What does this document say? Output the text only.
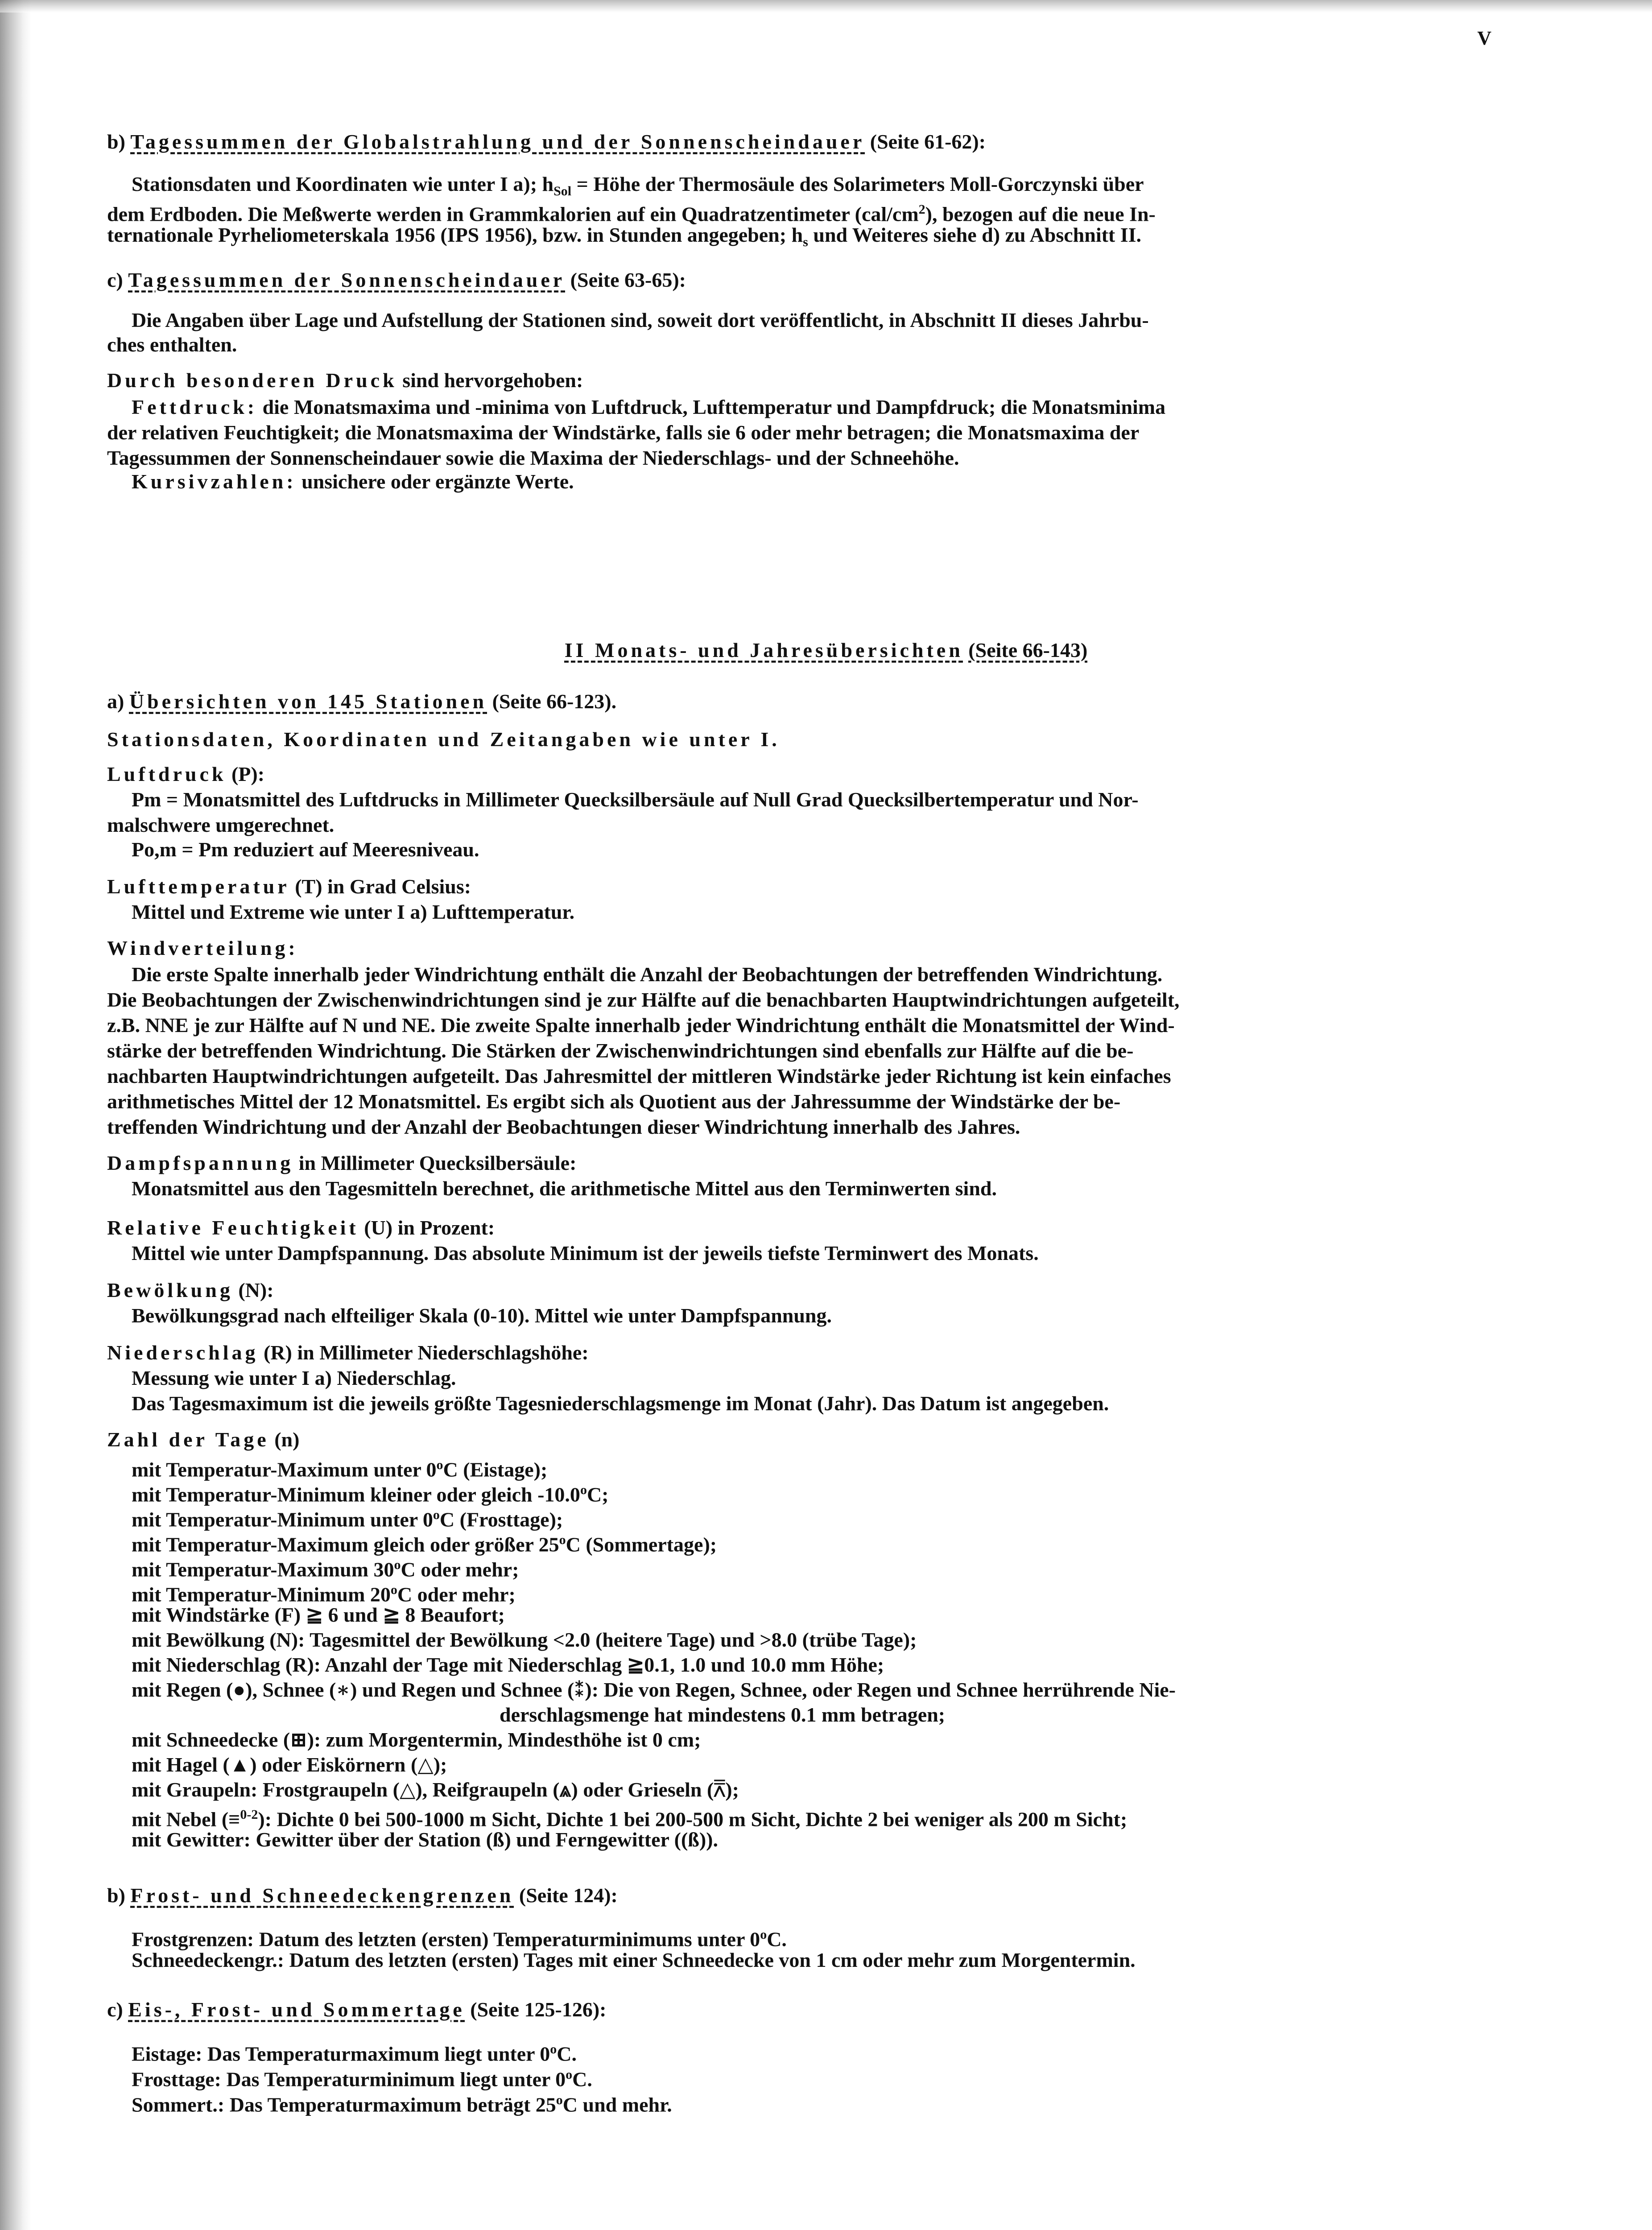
V
b) Tagessummen der Globalstrahlung und der Sonnenscheindauer (Seite 61-62):
Stationsdaten und Koordinaten wie unter I a); $h_{Sol}$ = Höhe der Thermosäule des Solarimeters Moll-Gorczynski über
dem Erdboden. Die Meßwerte werden in Grammkalorien auf ein Quadratzentimeter $(cal/cm^2)$, bezogen auf die neue In-
ternationale Pyrheliometerskala 1956 (IPS 1956), bzw. in Stunden angegeben; $h_s$ und Weiteres siehe d) zu Abschnitt II.
c) Tagessummen der Sonnenscheindauer (Seite 63-65):
Die Angaben über Lage und Aufstellung der Stationen sind, soweit dort veröffentlicht, in Abschnitt II dieses Jahrbu-
ches enthalten.
Durch besonderen Druck sind hervorgehoben:
Fettdruck: die Monatsmaxima und -minima von Luftdruck, Lufttemperatur und Dampfdruck; die Monatsminima
der relativen Feuchtigkeit; die Monatsmaxima der Windstärke, falls sie 6 oder mehr betragen; die Monatsmaxima der
Tagessummen der Sonnenscheindauer sowie die Maxima der Niederschlags- und der Schneehöhe.
Kursivzahlen: unsichere oder ergänzte Werte.
II Monats- und Jahresübersichten (Seite 66-143)
a) Übersichten von 145 Stationen (Seite 66-123).
Stationsdaten, Koordinaten und Zeitangaben wie unter I.
Luftdruck (P):
Pm = Monatsmittel des Luftdrucks in Millimeter Quecksilbersäule auf Null Grad Quecksilbertemperatur und Nor-
malschwere umgerechnet.
Po,m = Pm reduziert auf Meeresniveau.
Lufttemperatur (T) in Grad Celsius:
Mittel und Extreme wie unter I a) Lufttemperatur.
Windverteilung:
Die erste Spalte innerhalb jeder Windrichtung enthält die Anzahl der Beobachtungen der betreffenden Windrichtung.
Die Beobachtungen der Zwischenwindrichtungen sind je zur Hälfte auf die benachbarten Hauptwindrichtungen aufgeteilt,
z.B. NNE je zur Hälfte auf N und NE. Die zweite Spalte innerhalb jeder Windrichtung enthält die Monatsmittel der Wind-
stärke der betreffenden Windrichtung. Die Stärken der Zwischenwindrichtungen sind ebenfalls zur Hälfte auf die be-
nachbarten Hauptwindrichtungen aufgeteilt. Das Jahresmittel der mittleren Windstärke jeder Richtung ist kein einfaches
arithmetisches Mittel der 12 Monatsmittel. Es ergibt sich als Quotient aus der Jahressumme der Windstärke der be-
treffenden Windrichtung und der Anzahl der Beobachtungen dieser Windrichtung innerhalb des Jahres.
Dampfspannung in Millimeter Quecksilbersäule:
Monatsmittel aus den Tagesmitteln berechnet, die arithmetische Mittel aus den Terminwerten sind.
Relative Feuchtigkeit (U) in Prozent:
Mittel wie unter Dampfspannung. Das absolute Minimum ist der jeweils tiefste Terminwert des Monats.
Bewölkung (N):
Bewölkungsgrad nach elfteiliger Skala (0-10). Mittel wie unter Dampfspannung.
Niederschlag (R) in Millimeter Niederschlagshöhe:
Messung wie unter I a) Niederschlag.
Das Tagesmaximum ist die jeweils größte Tagesniederschlagsmenge im Monat (Jahr). Das Datum ist angegeben.
Zahl der Tage (n)
mit Temperatur-Maximum unter 0$^o$C (Eistage);
mit Temperatur-Minimum kleiner oder gleich -10.0$^o$C;
mit Temperatur-Minimum unter 0$^o$C (Frosttage);
mit Temperatur-Maximum gleich oder größer 25$^o$C (Sommertage);
mit Temperatur-Maximum 30$^o$C oder mehr;
mit Temperatur-Minimum 20$^o$C oder mehr;
mit Windstärke (F) ≧ 6 und ≧ 8 Beaufort;
mit Bewölkung (N): Tagesmittel der Bewölkung <2.0 (heitere Tage) und >8.0 (trübe Tage);
mit Niederschlag (R): Anzahl der Tage mit Niederschlag ≧0.1, 1.0 und 10.0 mm Höhe;
mit Regen (●), Schnee (∗) und Regen und Schnee (⁑): Die von Regen, Schnee, oder Regen und Schnee herrührende Nie-
derschlagsmenge hat mindestens 0.1 mm betragen;
mit Schneedecke (⊞): zum Morgentermin, Mindesthöhe ist 0 cm;
mit Hagel (▲) oder Eiskörnern (△);
mit Graupeln: Frostgraupeln (△), Reifgraupeln (⩓) oder Grieseln (⩞);
mit Nebel (≡$^{0-2}$): Dichte 0 bei 500-1000 m Sicht, Dichte 1 bei 200-500 m Sicht, Dichte 2 bei weniger als 200 m Sicht;
mit Gewitter: Gewitter über der Station (ß) und Ferngewitter ((ß)).
b) Frost- und Schneedeckengrenzen (Seite 124):
Frostgrenzen: Datum des letzten (ersten) Temperaturminimums unter 0$^o$C.
Schneedeckengr.: Datum des letzten (ersten) Tages mit einer Schneedecke von 1 cm oder mehr zum Morgentermin.
c) Eis-, Frost- und Sommertage (Seite 125-126):
Eistage: Das Temperaturmaximum liegt unter 0$^o$C.
Frosttage: Das Temperaturminimum liegt unter 0$^o$C.
Sommert.: Das Temperaturmaximum beträgt 25$^o$C und mehr.
